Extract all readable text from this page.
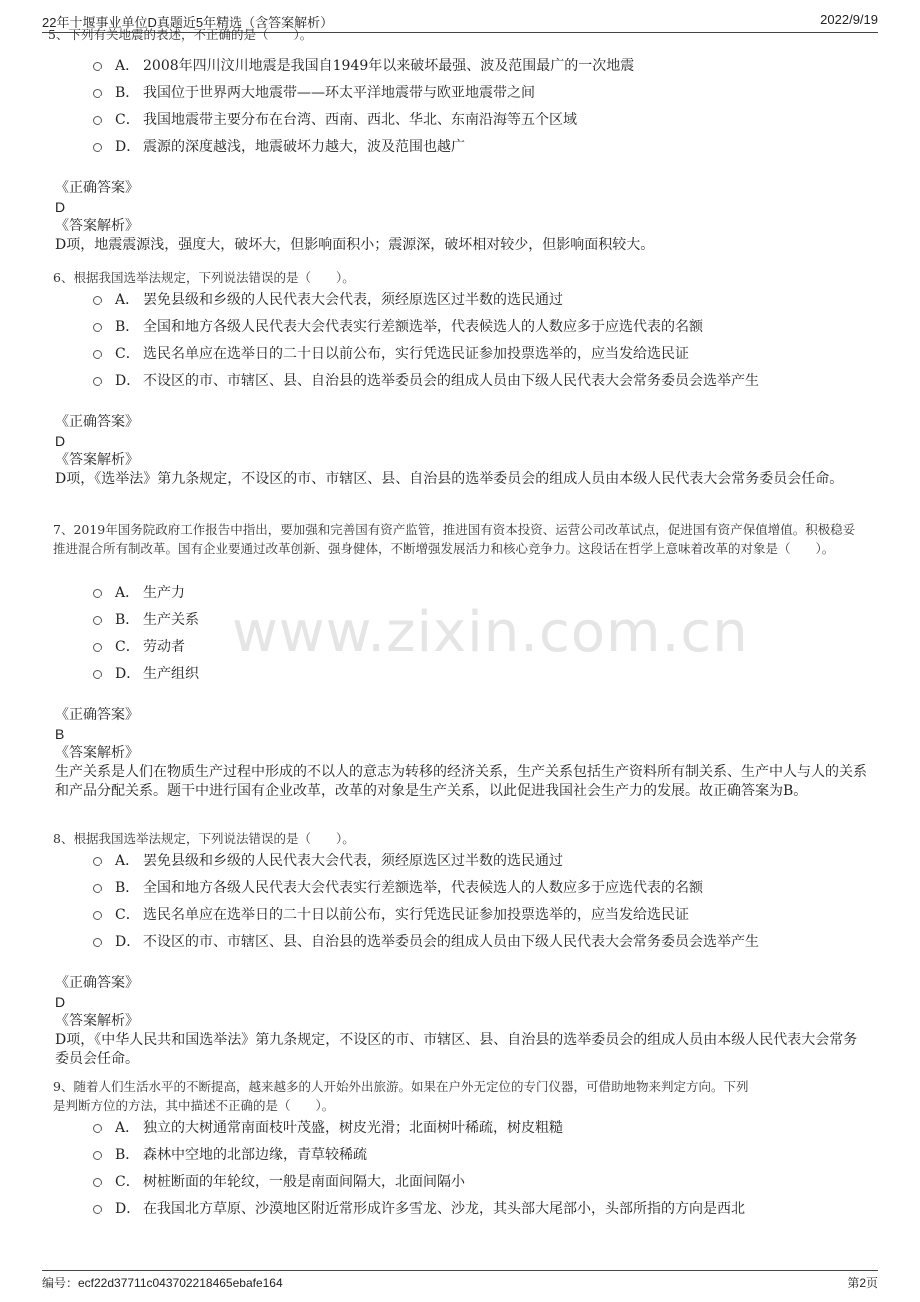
22年十堰事业单位D真题近5年精选（含答案解析）	2022/9/19
www.zixin.com.cn
5、下列有关地震的表述，不正确的是（　　）。
A． 2008年四川汶川地震是我国自1949年以来破坏最强、波及范围最广的一次地震
B． 我国位于世界两大地震带——环太平洋地震带与欧亚地震带之间
C． 我国地震带主要分布在台湾、西南、西北、华北、东南沿海等五个区域
D． 震源的深度越浅，地震破坏力越大，波及范围也越广
《正确答案》
D
《答案解析》
D项，地震震源浅，强度大，破坏大，但影响面积小；震源深，破坏相对较少，但影响面积较大。
6、根据我国选举法规定，下列说法错误的是（　　）。
A． 罢免县级和乡级的人民代表大会代表，须经原选区过半数的选民通过
B． 全国和地方各级人民代表大会代表实行差额选举，代表候选人的人数应多于应选代表的名额
C． 选民名单应在选举日的二十日以前公布，实行凭选民证参加投票选举的，应当发给选民证
D． 不设区的市、市辖区、县、自治县的选举委员会的组成人员由下级人民代表大会常务委员会选举产生
《正确答案》
D
《答案解析》
D项，《选举法》第九条规定，不设区的市、市辖区、县、自治县的选举委员会的组成人员由本级人民代表大会常务委员会任命。
7、2019年国务院政府工作报告中指出，要加强和完善国有资产监管，推进国有资本投资、运营公司改革试点，促进国有资产保值增值。积极稳妥推进混合所有制改革。国有企业要通过改革创新、强身健体，不断增强发展活力和核心竞争力。这段话在哲学上意味着改革的对象是（　　）。
A． 生产力
B． 生产关系
C． 劳动者
D． 生产组织
《正确答案》
B
《答案解析》
生产关系是人们在物质生产过程中形成的不以人的意志为转移的经济关系，生产关系包括生产资料所有制关系、生产中人与人的关系和产品分配关系。题干中进行国有企业改革，改革的对象是生产关系，以此促进我国社会生产力的发展。故正确答案为B。
8、根据我国选举法规定，下列说法错误的是（　　）。
A． 罢免县级和乡级的人民代表大会代表，须经原选区过半数的选民通过
B． 全国和地方各级人民代表大会代表实行差额选举，代表候选人的人数应多于应选代表的名额
C． 选民名单应在选举日的二十日以前公布，实行凭选民证参加投票选举的，应当发给选民证
D． 不设区的市、市辖区、县、自治县的选举委员会的组成人员由下级人民代表大会常务委员会选举产生
《正确答案》
D
《答案解析》
D项，《中华人民共和国选举法》第九条规定，不设区的市、市辖区、县、自治县的选举委员会的组成人员由本级人民代表大会常务委员会任命。
9、随着人们生活水平的不断提高，越来越多的人开始外出旅游。如果在户外无定位的专门仪器，可借助地物来判定方向。下列是判断方位的方法，其中描述不正确的是（　　）。
A． 独立的大树通常南面枝叶茂盛，树皮光滑；北面树叶稀疏，树皮粗糙
B． 森林中空地的北部边缘，青草较稀疏
C． 树桩断面的年轮纹，一般是南面间隔大，北面间隔小
D． 在我国北方草原、沙漠地区附近常形成许多雪龙、沙龙，其头部大尾部小，头部所指的方向是西北
编号：ecf22d37711c043702218465ebafe164	第2页
